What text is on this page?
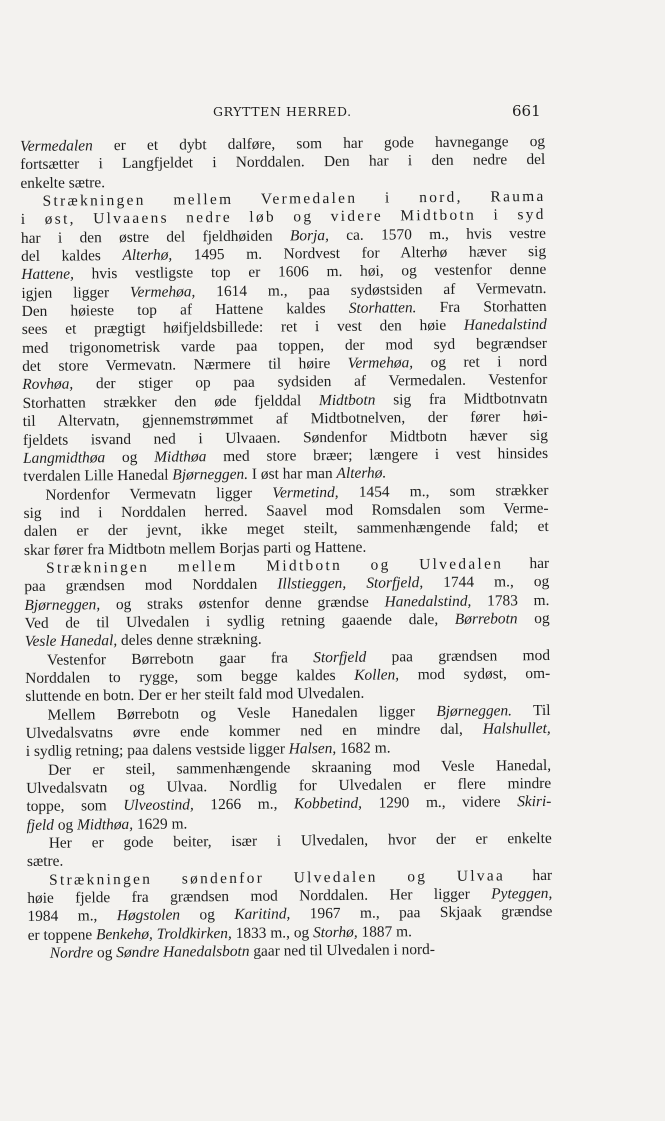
GRYTTEN HERRED.	661
Vermedalen er et dybt dalføre, som har gode havnegange og
fortsætter i Langfjeldet i Norddalen. Den har i den nedre del
enkelte sætre.
Strækningen mellem Vermedalen i nord, Rauma
i øst, Ulvaaens nedre løb og videre Midtbotn i syd
har i den østre del fjeldhøiden Borja, ca. 1570 m., hvis vestre
del kaldes Alterhø, 1495 m. Nordvest for Alterhø hæver sig
Hattene, hvis vestligste top er 1606 m. høi, og vestenfor denne
igjen ligger Vermehøa, 1614 m., paa sydøstsiden af Vermevatn.
Den høieste top af Hattene kaldes Storhatten. Fra Storhatten
sees et prægtigt høifjeldsbillede: ret i vest den høie Hanedalstind
med trigonometrisk varde paa toppen, der mod syd begrændser
det store Vermevatn. Nærmere til høire Vermehøa, og ret i nord
Rovhøa, der stiger op paa sydsiden af Vermedalen. Vestenfor
Storhatten strækker den øde fjelddal Midtbotn sig fra Midtbotnvatn
til Altervatn, gjennemstrømmet af Midtbotnelven, der fører høi-
fjeldets isvand ned i Ulvaaen. Søndenfor Midtbotn hæver sig
Langmidthøa og Midthøa med store bræer; længere i vest hinsides
tverdalen Lille Hanedal Bjørneggen. I øst har man Alterhø.
Nordenfor Vermevatn ligger Vermetind, 1454 m., som strækker
sig ind i Norddalen herred. Saavel mod Romsdalen som Verme-
dalen er der jevnt, ikke meget steilt, sammenhængende fald; et
skar fører fra Midtbotn mellem Borjas parti og Hattene.
Strækningen mellem Midtbotn og Ulvedalen har
paa grændsen mod Norddalen Illstieggen, Storfjeld, 1744 m., og
Bjørneggen, og straks østenfor denne grændse Hanedalstind, 1783 m.
Ved de til Ulvedalen i sydlig retning gaaende dale, Børrebotn og
Vesle Hanedal, deles denne strækning.
Vestenfor Børrebotn gaar fra Storfjeld paa grændsen mod
Norddalen to rygge, som begge kaldes Kollen, mod sydøst, om-
sluttende en botn. Der er her steilt fald mod Ulvedalen.
Mellem Børrebotn og Vesle Hanedalen ligger Bjørneggen. Til
Ulvedalsvatns øvre ende kommer ned en mindre dal, Halshullet,
i sydlig retning; paa dalens vestside ligger Halsen, 1682 m.
Der er steil, sammenhængende skraaning mod Vesle Hanedal,
Ulvedalsvatn og Ulvaa. Nordlig for Ulvedalen er flere mindre
toppe, som Ulveostind, 1266 m., Kobbetind, 1290 m., videre Skiri-
fjeld og Midthøa, 1629 m.
Her er gode beiter, især i Ulvedalen, hvor der er enkelte
sætre.
Strækningen søndenfor Ulvedalen og Ulvaa har
høie fjelde fra grændsen mod Norddalen. Her ligger Pyteggen,
1984 m., Høgstolen og Karitind, 1967 m., paa Skjaak grændse
er toppene Benkehø, Troldkirken, 1833 m., og Storhø, 1887 m.
Nordre og Søndre Hanedalsbotn gaar ned til Ulvedalen i nord-
